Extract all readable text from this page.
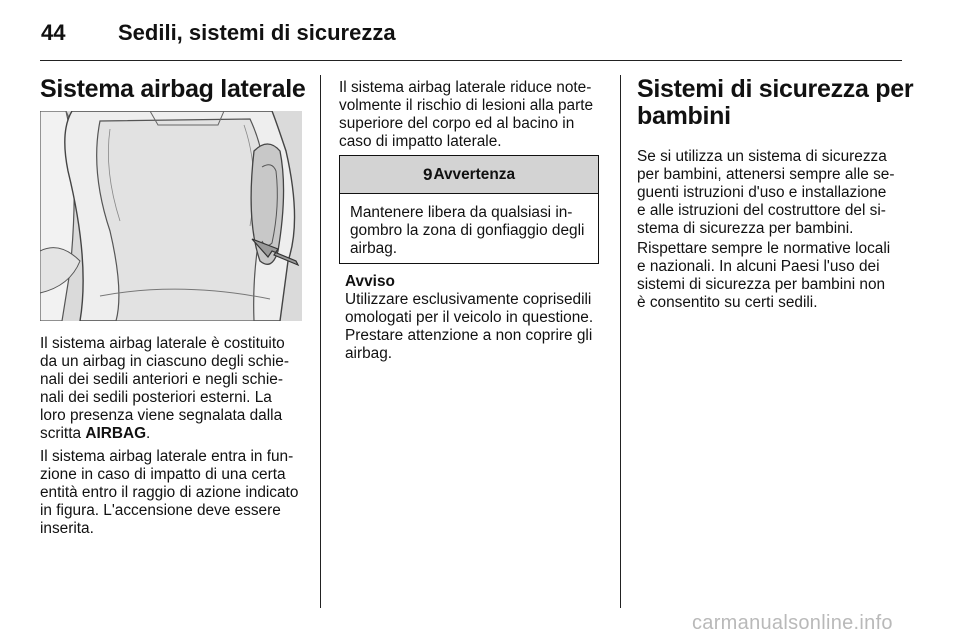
44 Sedili, sistemi di sicurezza
Sistema airbag laterale
Il sistema airbag laterale è costituito
da un airbag in ciascuno degli schie-
nali dei sedili anteriori e negli schie-
nali dei sedili posteriori esterni. La
loro presenza viene segnalata dalla
scritta AIRBAG.
Il sistema airbag laterale entra in fun-
zione in caso di impatto di una certa
entità entro il raggio di azione indicato
in figura. L'accensione deve essere
inserita.
Il sistema airbag laterale riduce note-
volmente il rischio di lesioni alla parte
superiore del corpo ed al bacino in
caso di impatto laterale.
9 Avvertenza
Mantenere libera da qualsiasi in-
gombro la zona di gonfiaggio degli
airbag.
Avviso
Utilizzare esclusivamente coprisedili
omologati per il veicolo in questione.
Prestare attenzione a non coprire gli
airbag.
Sistemi di sicurezza per
bambini
Se si utilizza un sistema di sicurezza
per bambini, attenersi sempre alle se-
guenti istruzioni d'uso e installazione
e alle istruzioni del costruttore del si-
stema di sicurezza per bambini.
Rispettare sempre le normative locali
e nazionali. In alcuni Paesi l'uso dei
sistemi di sicurezza per bambini non
è consentito su certi sedili.
carmanualsonline.info
